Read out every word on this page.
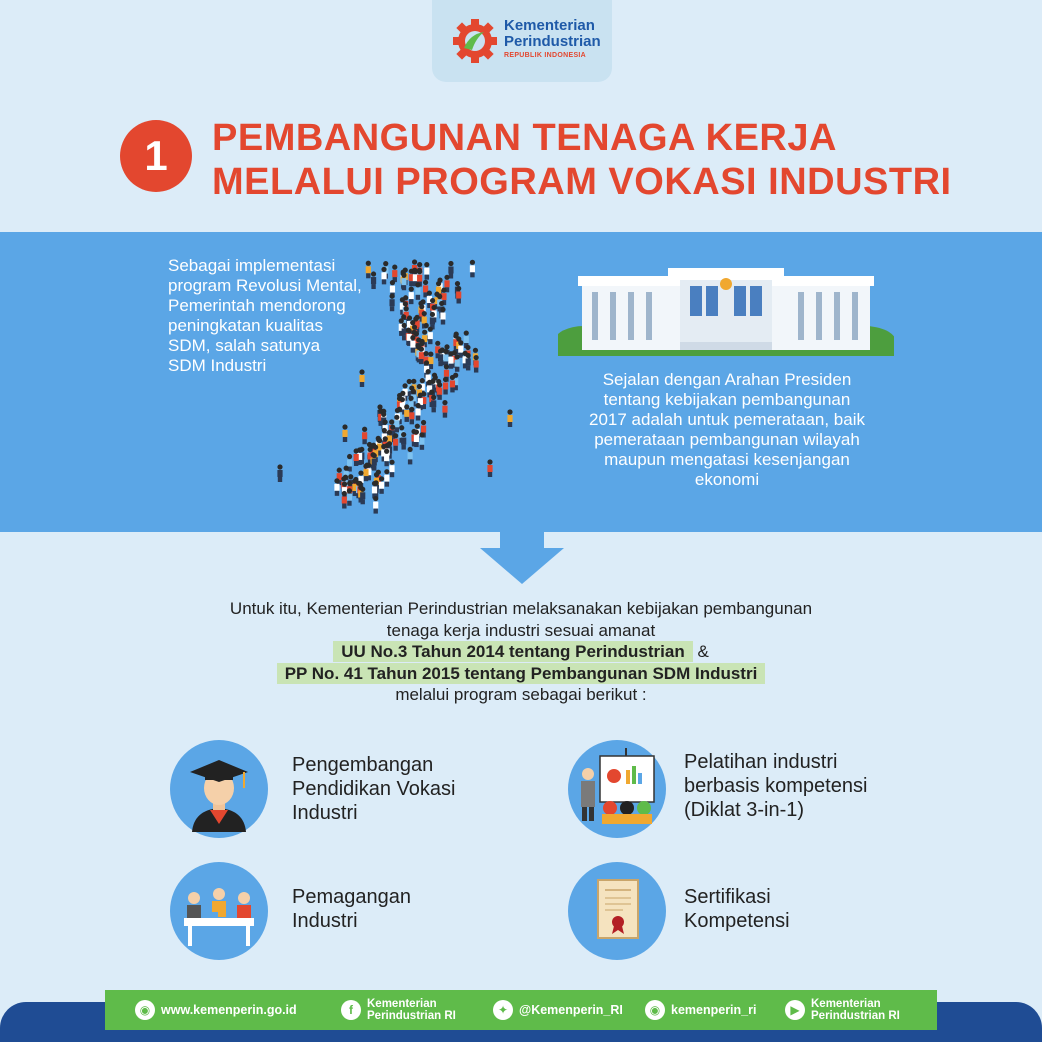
Kementerian
Perindustrian
REPUBLIK INDONESIA
1	PEMBANGUNAN TENAGA KERJA
MELALUI PROGRAM VOKASI INDUSTRI
Sebagai implementasi
program Revolusi Mental,
Pemerintah mendorong
peningkatan kualitas
SDM, salah satunya
SDM Industri
Sejalan dengan Arahan Presiden
tentang kebijakan pembangunan
2017 adalah untuk pemerataan, baik
pemerataan pembangunan wilayah
maupun mengatasi kesenjangan
ekonomi
Untuk itu, Kementerian Perindustrian melaksanakan kebijakan pembangunan
tenaga kerja industri sesuai amanat
UU No.3 Tahun 2014 tentang Perindustrian &
PP No. 41 Tahun 2015 tentang Pembangunan SDM Industri
melalui program sebagai berikut :
Pengembangan
Pendidikan Vokasi
Industri
Pelatihan industri
berbasis kompetensi
(Diklat 3-in-1)
Pemagangan
Industri
Sertifikasi
Kompetensi
◉ www.kemenperin.go.id	f	Kementerian
Perindustrian RI	✦ @Kemenperin_RI	◉ kemenperin_ri	▶ Kementerian
Perindustrian RI
